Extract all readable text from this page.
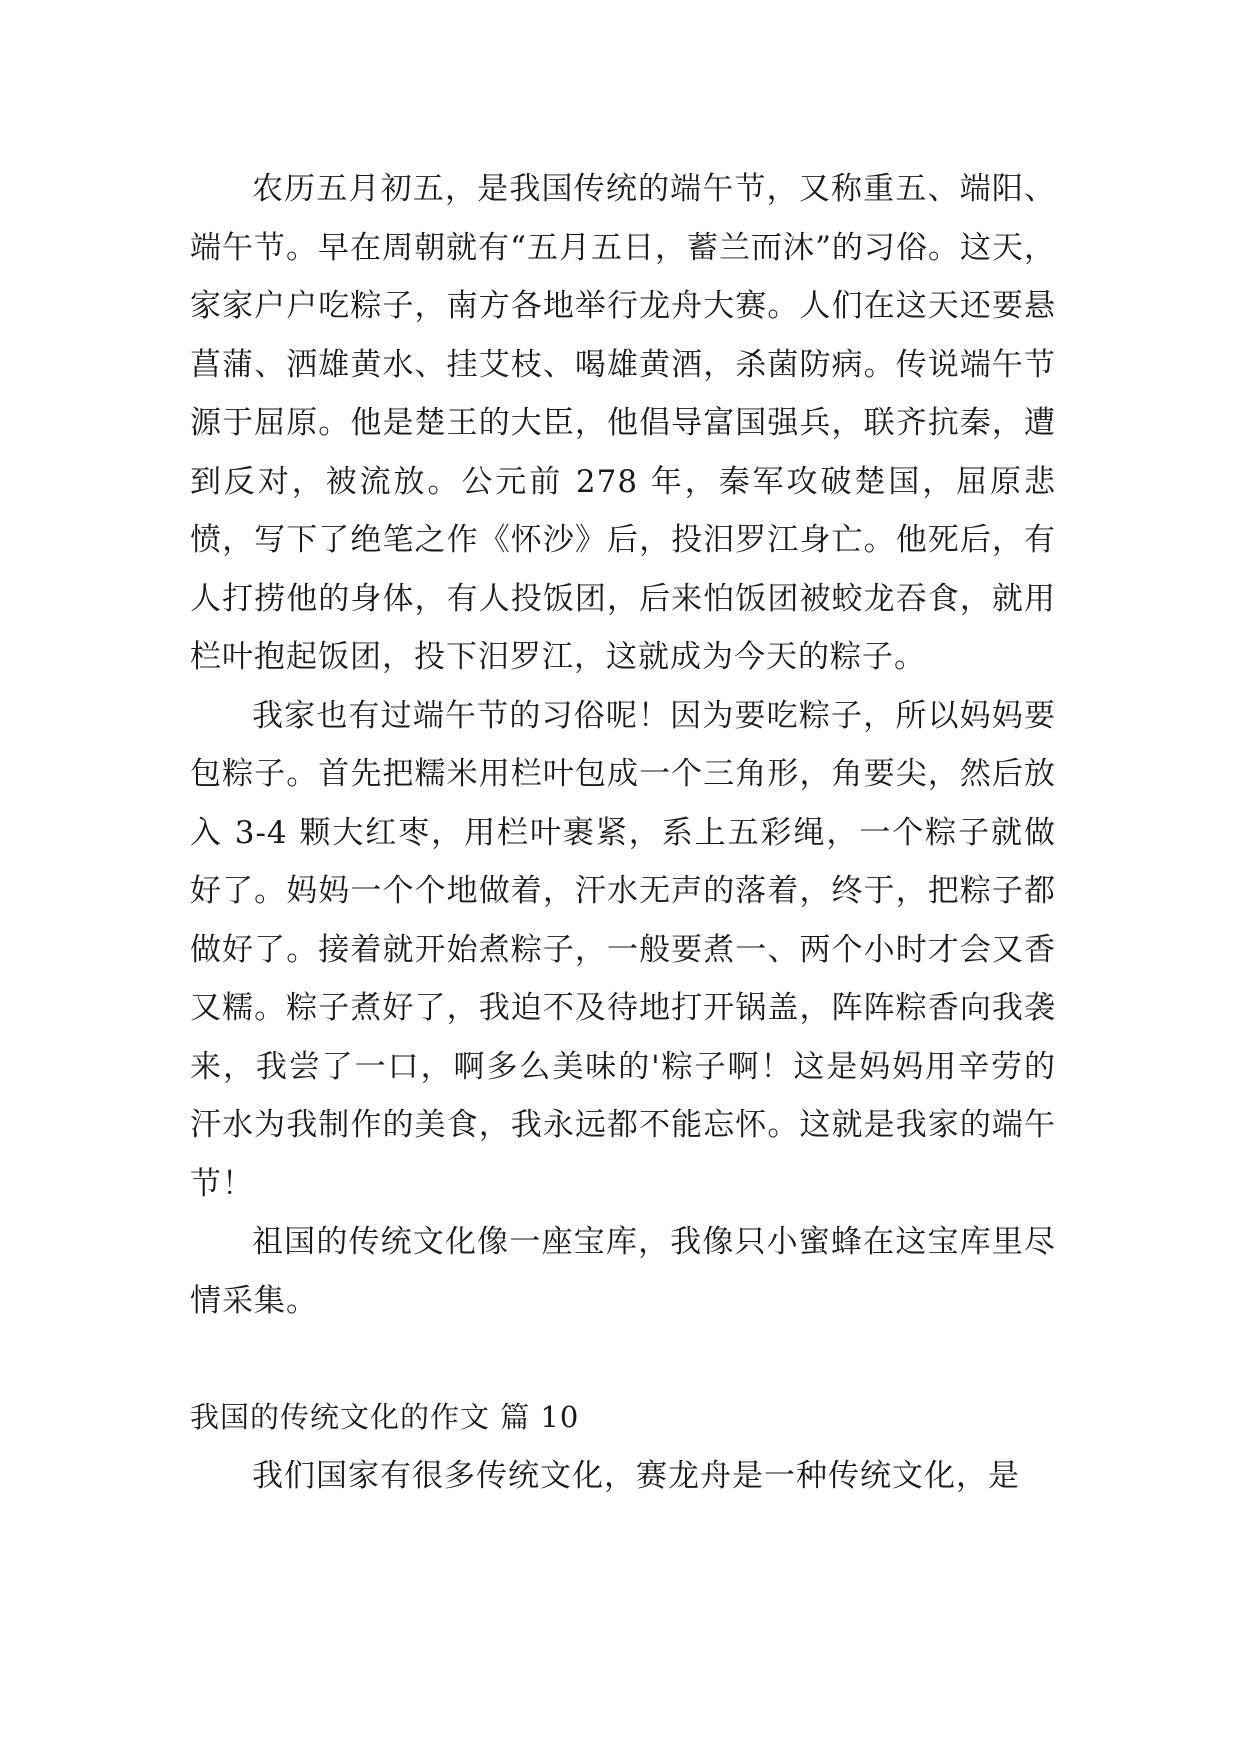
农历五月初五，是我国传统的端午节，又称重五、端阳、端午节。早在周朝就有“五月五日，蓄兰而沐”的习俗。这天，家家户户吃粽子，南方各地举行龙舟大赛。人们在这天还要悬菖蒲、洒雄黄水、挂艾枝、喝雄黄酒，杀菌防病。传说端午节源于屈原。他是楚王的大臣，他倡导富国强兵，联齐抗秦，遭到反对，被流放。公元前 278 年，秦军攻破楚国，屈原悲愤，写下了绝笔之作《怀沙》后，投汨罗江身亡。他死后，有人打捞他的身体，有人投饭团，后来怕饭团被蛟龙吞食，就用栏叶抱起饭团，投下汨罗江，这就成为今天的粽子。

我家也有过端午节的习俗呢！因为要吃粽子，所以妈妈要包粽子。首先把糯米用栏叶包成一个三角形，角要尖，然后放入 3-4 颗大红枣，用栏叶裹紧，系上五彩绳，一个粽子就做好了。妈妈一个个地做着，汗水无声的落着，终于，把粽子都做好了。接着就开始煮粽子，一般要煮一、两个小时才会又香又糯。粽子煮好了，我迫不及待地打开锅盖，阵阵粽香向我袭来，我尝了一口，啊多么美味的'粽子啊！这是妈妈用辛劳的汗水为我制作的美食，我永远都不能忘怀。这就是我家的端午节！

祖国的传统文化像一座宝库，我像只小蜜蜂在这宝库里尽情采集。

我国的传统文化的作文 篇 10

我们国家有很多传统文化，赛龙舟是一种传统文化，是
